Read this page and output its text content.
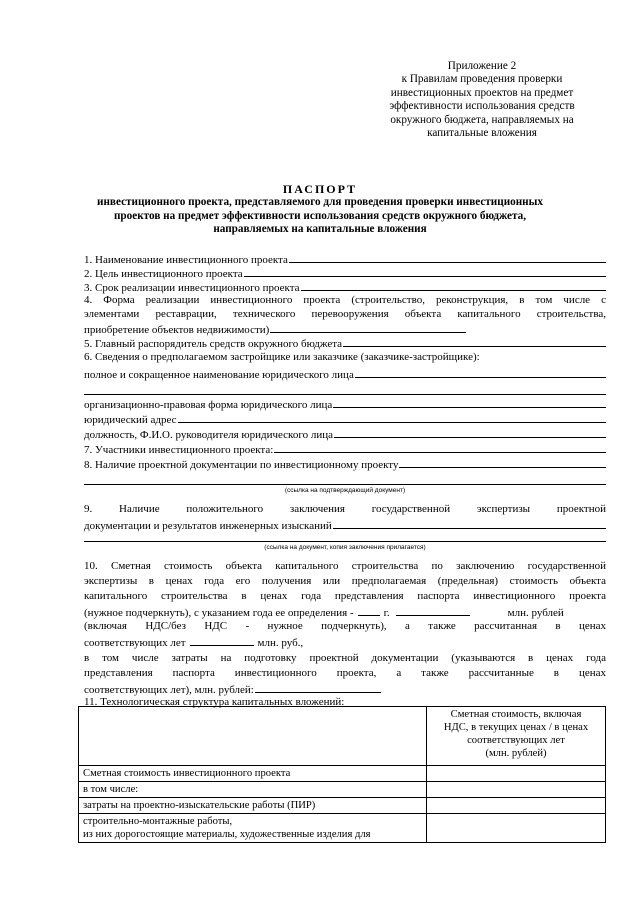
Приложение 2
к Правилам проведения проверки
инвестиционных проектов на предмет
эффективности использования средств
окружного бюджета, направляемых на
капитальные вложения
ПАСПОРТ
инвестиционного проекта, представляемого для проведения проверки инвестиционных
проектов на предмет эффективности использования средств окружного бюджета,
направляемых на капитальные вложения
1. Наименование инвестиционного проекта
2. Цель инвестиционного проекта
3. Срок реализации инвестиционного проекта
4. Форма реализации инвестиционного проекта (строительство, реконструкция, в том числе с
элементами реставрации, технического перевооружения объекта капитального строительства,
приобретение объектов недвижимости)
5. Главный распорядитель средств окружного бюджета
6. Сведения о предполагаемом застройщике или заказчике (заказчике-застройщике):
полное и сокращенное наименование юридического лица
организационно-правовая форма юридического лица
юридический адрес
должность, Ф.И.О. руководителя юридического лица
7. Участники инвестиционного проекта:
8. Наличие проектной документации по инвестиционному проекту
(ссылка на подтверждающий документ)
9. Наличие положительного заключения государственной экспертизы проектной
документации и результатов инженерных изысканий
(ссылка на документ, копия заключения прилагается)
10. Сметная стоимость объекта капитального строительства по заключению государственной
экспертизы в ценах года его получения или предполагаемая (предельная) стоимость объекта
капитального строительства в ценах года представления паспорта инвестиционного проекта
(нужное подчеркнуть), с указанием года ее определения -	г.	млн. рублей
(включая НДС/без НДС - нужное подчеркнуть), а также рассчитанная в ценах
соответствующих лет	млн. руб.,
в том числе затраты на подготовку проектной документации (указываются в ценах года
представления паспорта инвестиционного проекта, а также рассчитанные в ценах
соответствующих лет), млн. рублей:
11. Технологическая структура капитальных вложений:

	Сметная стоимость, включая
НДС, в текущих ценах / в ценах
соответствующих лет
(млн. рублей)

Сметная стоимость инвестиционного проекта	
в том числе:	
затраты на проектно-изыскательские работы (ПИР)	

строительно-монтажные работы,
из них дорогостоящие материалы, художественные изделия для	
